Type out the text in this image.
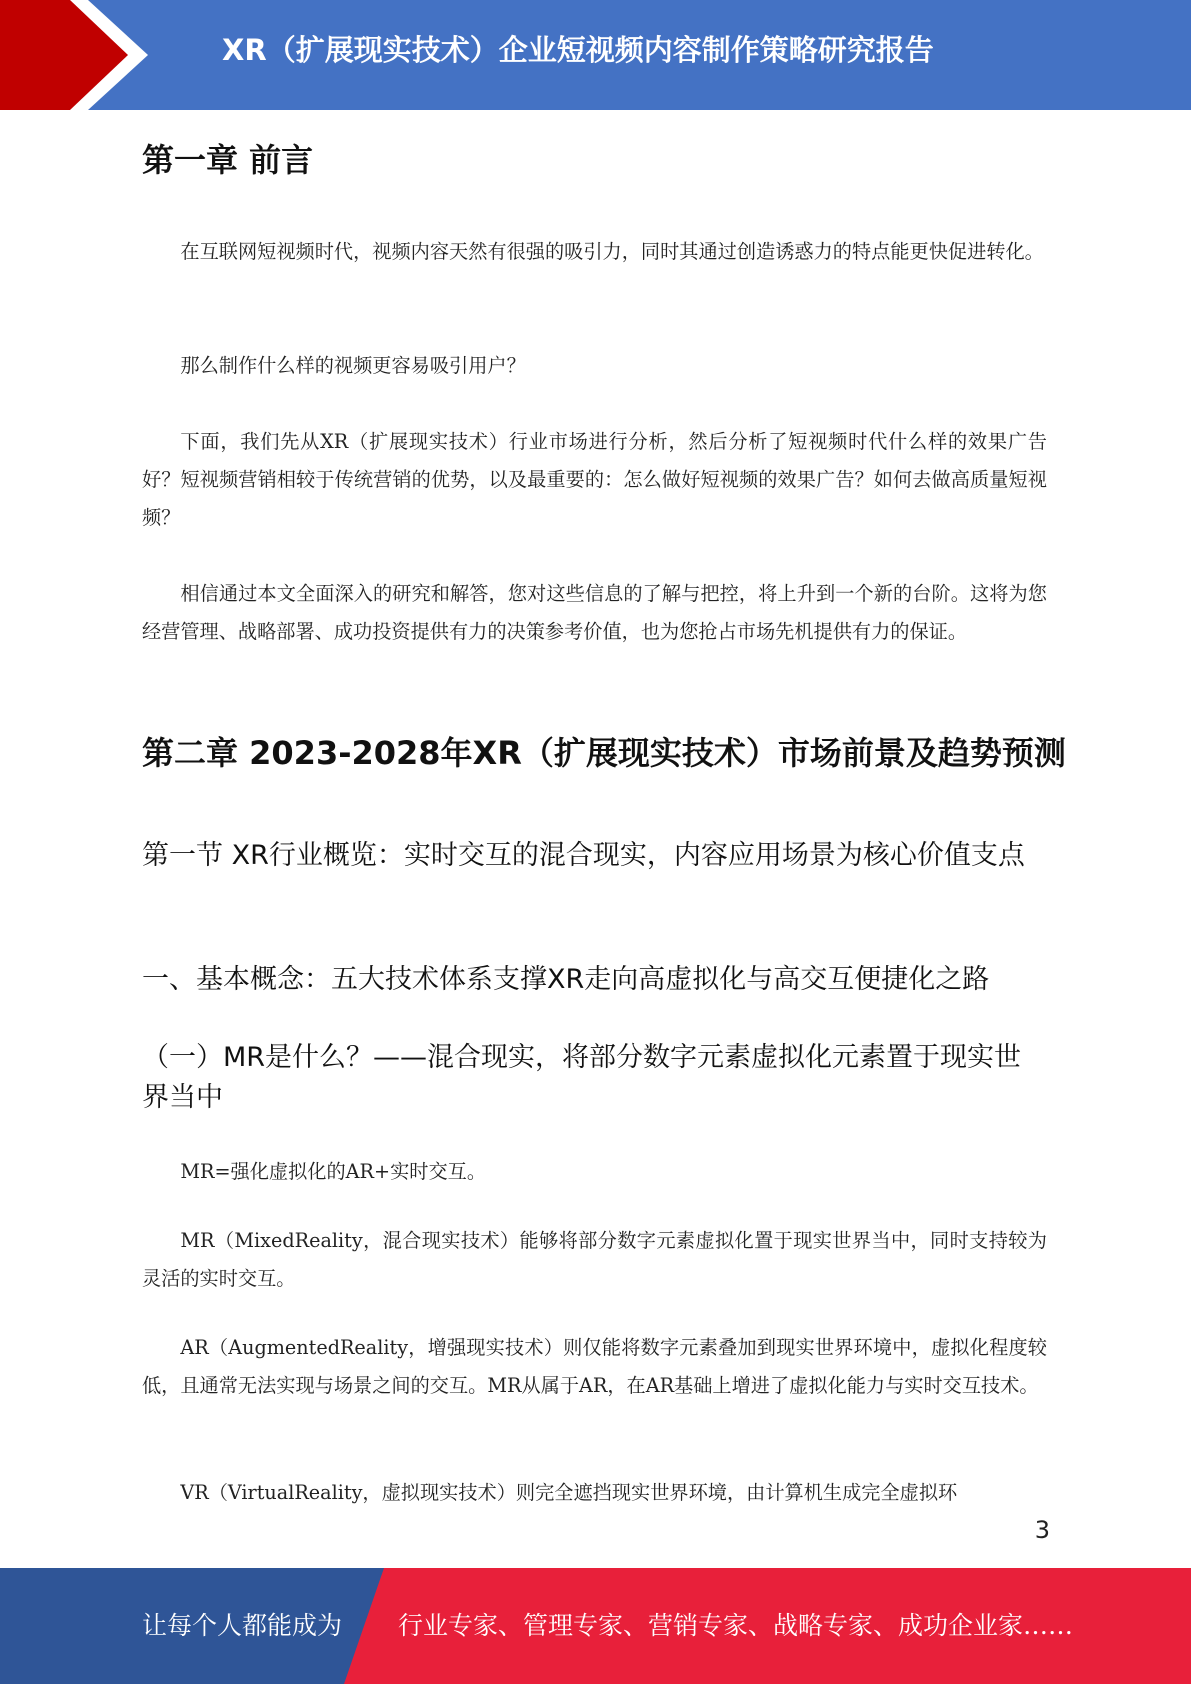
XR（扩展现实技术）企业短视频内容制作策略研究报告
第一章 前言
在互联网短视频时代，视频内容天然有很强的吸引力，同时其通过创造诱惑力的特点能更快促进转化。
那么制作什么样的视频更容易吸引用户？
下面，我们先从XR（扩展现实技术）行业市场进行分析，然后分析了短视频时代什么样的效果广告好？短视频营销相较于传统营销的优势，以及最重要的：怎么做好短视频的效果广告？如何去做高质量短视频？
相信通过本文全面深入的研究和解答，您对这些信息的了解与把控，将上升到一个新的台阶。这将为您经营管理、战略部署、成功投资提供有力的决策参考价值，也为您抢占市场先机提供有力的保证。
第二章 2023-2028年XR（扩展现实技术）市场前景及趋势预测
第一节 XR行业概览：实时交互的混合现实，内容应用场景为核心价值支点
一、基本概念：五大技术体系支撑XR走向高虚拟化与高交互便捷化之路
（一）MR是什么？——混合现实，将部分数字元素虚拟化元素置于现实世界当中
MR=强化虚拟化的AR+实时交互。
MR（MixedReality，混合现实技术）能够将部分数字元素虚拟化置于现实世界当中，同时支持较为灵活的实时交互。
AR（AugmentedReality，增强现实技术）则仅能将数字元素叠加到现实世界环境中，虚拟化程度较低，且通常无法实现与场景之间的交互。MR从属于AR，在AR基础上增进了虚拟化能力与实时交互技术。
VR（VirtualReality，虚拟现实技术）则完全遮挡现实世界环境，由计算机生成完全虚拟环
3
让每个人都能成为 行业专家、管理专家、营销专家、战略专家、成功企业家……
